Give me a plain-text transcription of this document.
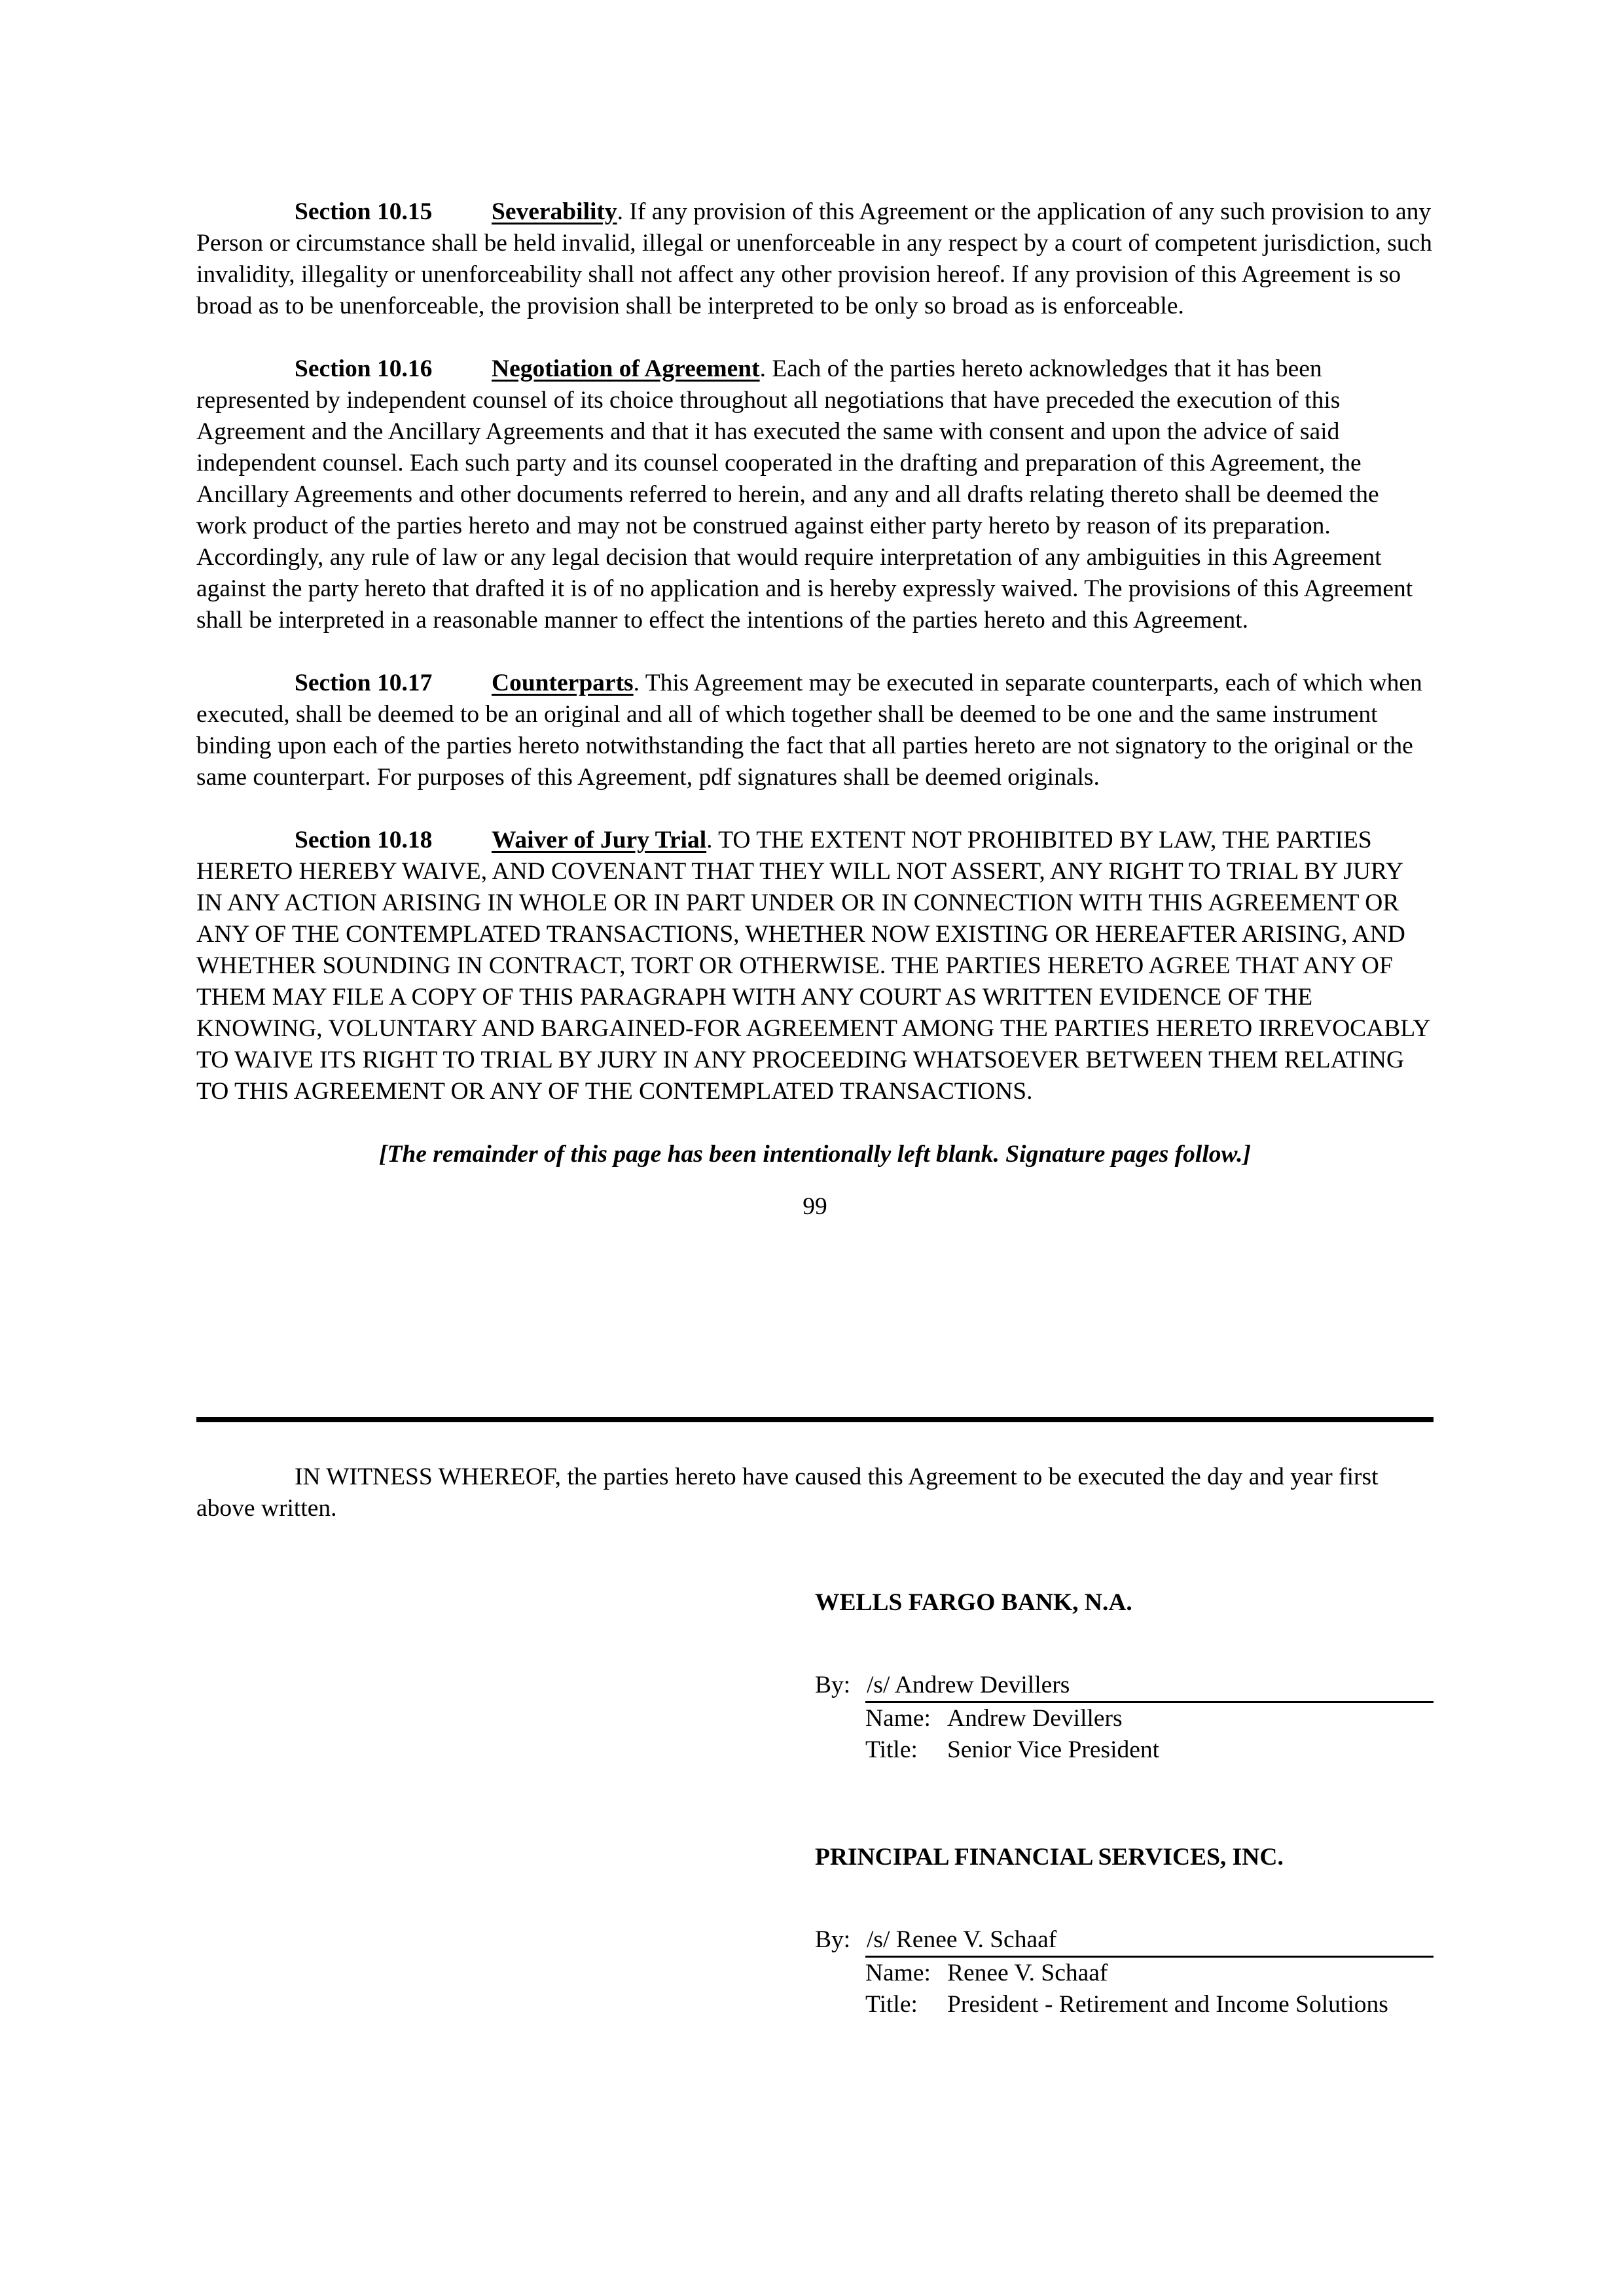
Section 10.15 Severability. If any provision of this Agreement or the application of any such provision to any Person or circumstance shall be held invalid, illegal or unenforceable in any respect by a court of competent jurisdiction, such invalidity, illegality or unenforceability shall not affect any other provision hereof. If any provision of this Agreement is so broad as to be unenforceable, the provision shall be interpreted to be only so broad as is enforceable.

Section 10.16 Negotiation of Agreement. Each of the parties hereto acknowledges that it has been represented by independent counsel of its choice throughout all negotiations that have preceded the execution of this Agreement and the Ancillary Agreements and that it has executed the same with consent and upon the advice of said independent counsel. Each such party and its counsel cooperated in the drafting and preparation of this Agreement, the Ancillary Agreements and other documents referred to herein, and any and all drafts relating thereto shall be deemed the work product of the parties hereto and may not be construed against either party hereto by reason of its preparation. Accordingly, any rule of law or any legal decision that would require interpretation of any ambiguities in this Agreement against the party hereto that drafted it is of no application and is hereby expressly waived. The provisions of this Agreement shall be interpreted in a reasonable manner to effect the intentions of the parties hereto and this Agreement.

Section 10.17 Counterparts. This Agreement may be executed in separate counterparts, each of which when executed, shall be deemed to be an original and all of which together shall be deemed to be one and the same instrument binding upon each of the parties hereto notwithstanding the fact that all parties hereto are not signatory to the original or the same counterpart. For purposes of this Agreement, pdf signatures shall be deemed originals.

Section 10.18 Waiver of Jury Trial. TO THE EXTENT NOT PROHIBITED BY LAW, THE PARTIES HERETO HEREBY WAIVE, AND COVENANT THAT THEY WILL NOT ASSERT, ANY RIGHT TO TRIAL BY JURY IN ANY ACTION ARISING IN WHOLE OR IN PART UNDER OR IN CONNECTION WITH THIS AGREEMENT OR ANY OF THE CONTEMPLATED TRANSACTIONS, WHETHER NOW EXISTING OR HEREAFTER ARISING, AND WHETHER SOUNDING IN CONTRACT, TORT OR OTHERWISE. THE PARTIES HERETO AGREE THAT ANY OF THEM MAY FILE A COPY OF THIS PARAGRAPH WITH ANY COURT AS WRITTEN EVIDENCE OF THE KNOWING, VOLUNTARY AND BARGAINED-FOR AGREEMENT AMONG THE PARTIES HERETO IRREVOCABLY TO WAIVE ITS RIGHT TO TRIAL BY JURY IN ANY PROCEEDING WHATSOEVER BETWEEN THEM RELATING TO THIS AGREEMENT OR ANY OF THE CONTEMPLATED TRANSACTIONS.

[The remainder of this page has been intentionally left blank. Signature pages follow.]

99

IN WITNESS WHEREOF, the parties hereto have caused this Agreement to be executed the day and year first above written.

WELLS FARGO BANK, N.A.

By: /s/ Andrew Devillers
Name: Andrew Devillers
Title:	Senior Vice President

PRINCIPAL FINANCIAL SERVICES, INC.

By: /s/ Renee V. Schaaf
Name: Renee V. Schaaf
Title:	President - Retirement and Income Solutions
